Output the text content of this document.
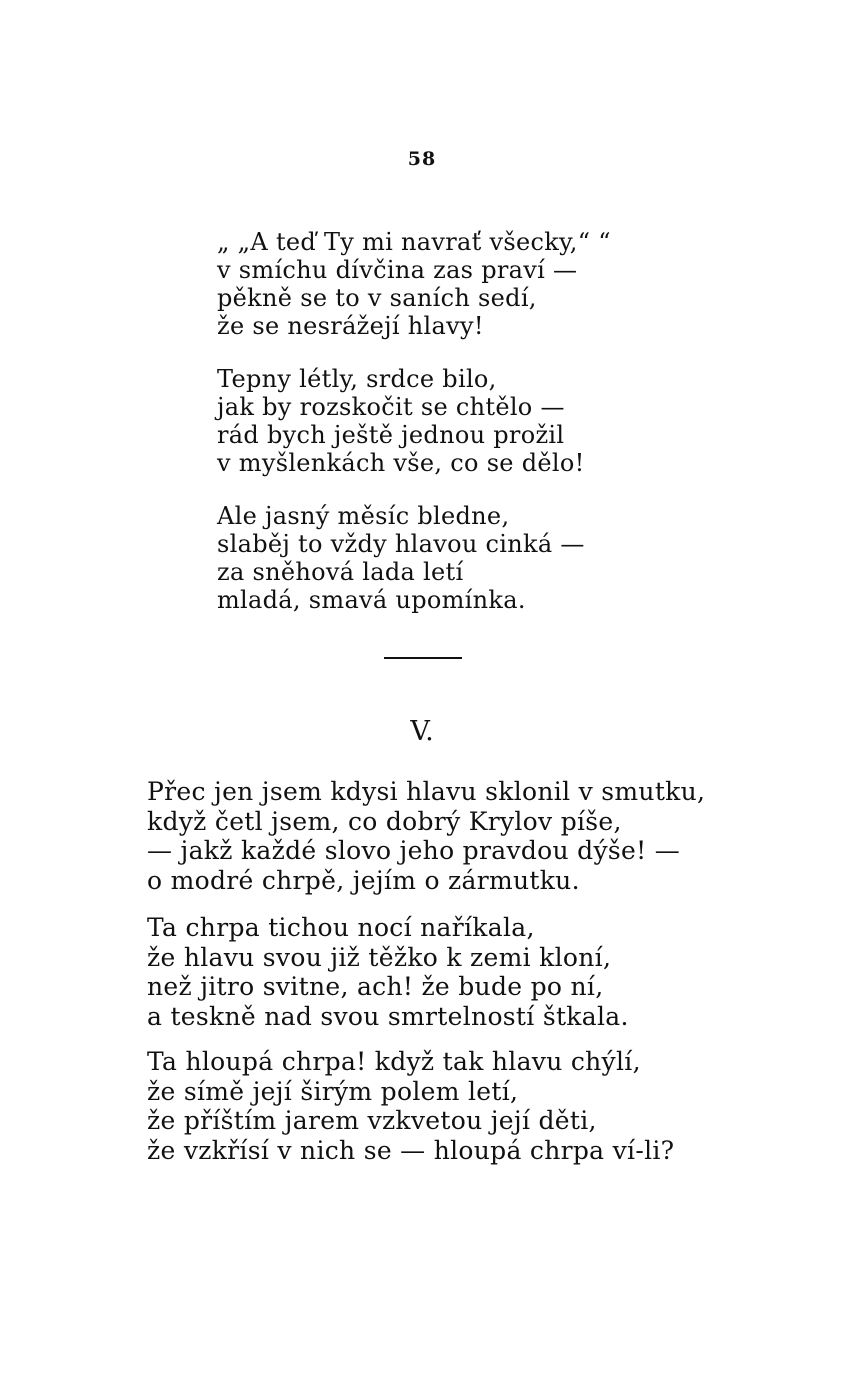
58
„ „A teď Ty mi navrať všecky,“ “
v smíchu dívčina zas praví —
pěkně se to v saních sedí,
že se nesrážejí hlavy!
Tepny létly, srdce bilo,
jak by rozskočit se chtělo —
rád bych ještě jednou prožil
v myšlenkách vše, co se dělo!
Ale jasný měsíc bledne,
slaběj to vždy hlavou cinká —
za sněhová lada letí
mladá, smavá upomínka.
V.
Přec jen jsem kdysi hlavu sklonil v smutku,
když četl jsem, co dobrý Krylov píše,
— jakž každé slovo jeho pravdou dýše! —
o modré chrpě, jejím o zármutku.
Ta chrpa tichou nocí naříkala,
že hlavu svou již těžko k zemi kloní,
než jitro svitne, ach! že bude po ní,
a teskně nad svou smrtelností štkala.
Ta hloupá chrpa! když tak hlavu chýlí,
že símě její širým polem letí,
že příštím jarem vzkvetou její děti,
že vzkřísí v nich se — hloupá chrpa ví-li?
